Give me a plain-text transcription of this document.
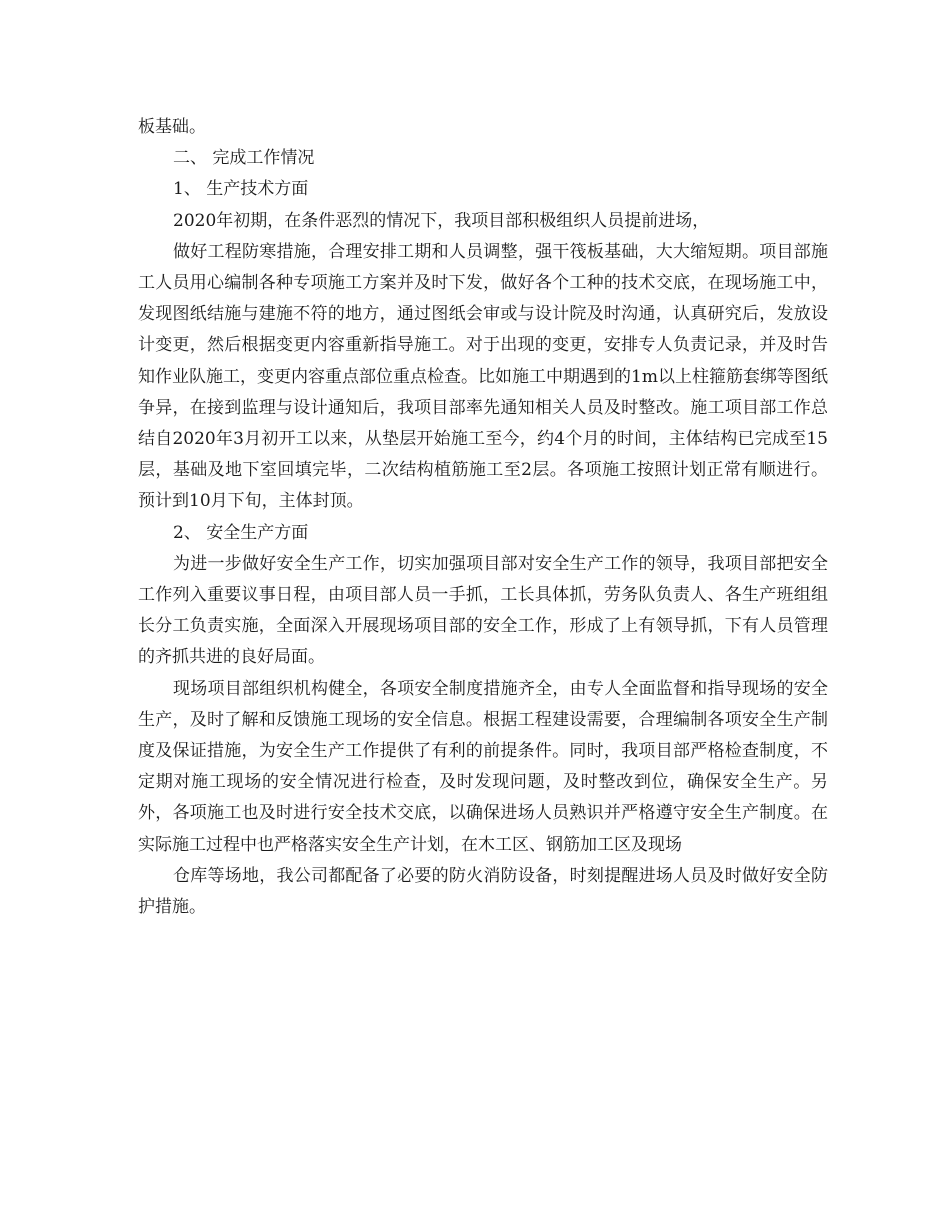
板基础。

二、 完成工作情况

1、 生产技术方面

2020年初期，在条件恶烈的情况下，我项目部积极组织人员提前进场，

做好工程防寒措施，合理安排工期和人员调整，强干筏板基础，大大缩短期。项目部施工人员用心编制各种专项施工方案并及时下发，做好各个工种的技术交底，在现场施工中，发现图纸结施与建施不符的地方，通过图纸会审或与设计院及时沟通，认真研究后，发放设计变更，然后根据变更内容重新指导施工。对于出现的变更，安排专人负责记录，并及时告知作业队施工，变更内容重点部位重点检查。比如施工中期遇到的1m以上柱箍筋套绑等图纸争异，在接到监理与设计通知后，我项目部率先通知相关人员及时整改。施工项目部工作总结自2020年3月初开工以来，从垫层开始施工至今，约4个月的时间，主体结构已完成至15层，基础及地下室回填完毕，二次结构植筋施工至2层。各项施工按照计划正常有顺进行。预计到10月下旬，主体封顶。

2、 安全生产方面

为进一步做好安全生产工作，切实加强项目部对安全生产工作的领导，我项目部把安全工作列入重要议事日程，由项目部人员一手抓，工长具体抓，劳务队负责人、各生产班组组长分工负责实施，全面深入开展现场项目部的安全工作，形成了上有领导抓，下有人员管理的齐抓共进的良好局面。

现场项目部组织机构健全，各项安全制度措施齐全，由专人全面监督和指导现场的安全生产，及时了解和反馈施工现场的安全信息。根据工程建设需要，合理编制各项安全生产制度及保证措施，为安全生产工作提供了有利的前提条件。同时，我项目部严格检查制度，不定期对施工现场的安全情况进行检查，及时发现问题，及时整改到位，确保安全生产。另外，各项施工也及时进行安全技术交底，以确保进场人员熟识并严格遵守安全生产制度。在实际施工过程中也严格落实安全生产计划，在木工区、钢筋加工区及现场

仓库等场地，我公司都配备了必要的防火消防设备，时刻提醒进场人员及时做好安全防护措施。
